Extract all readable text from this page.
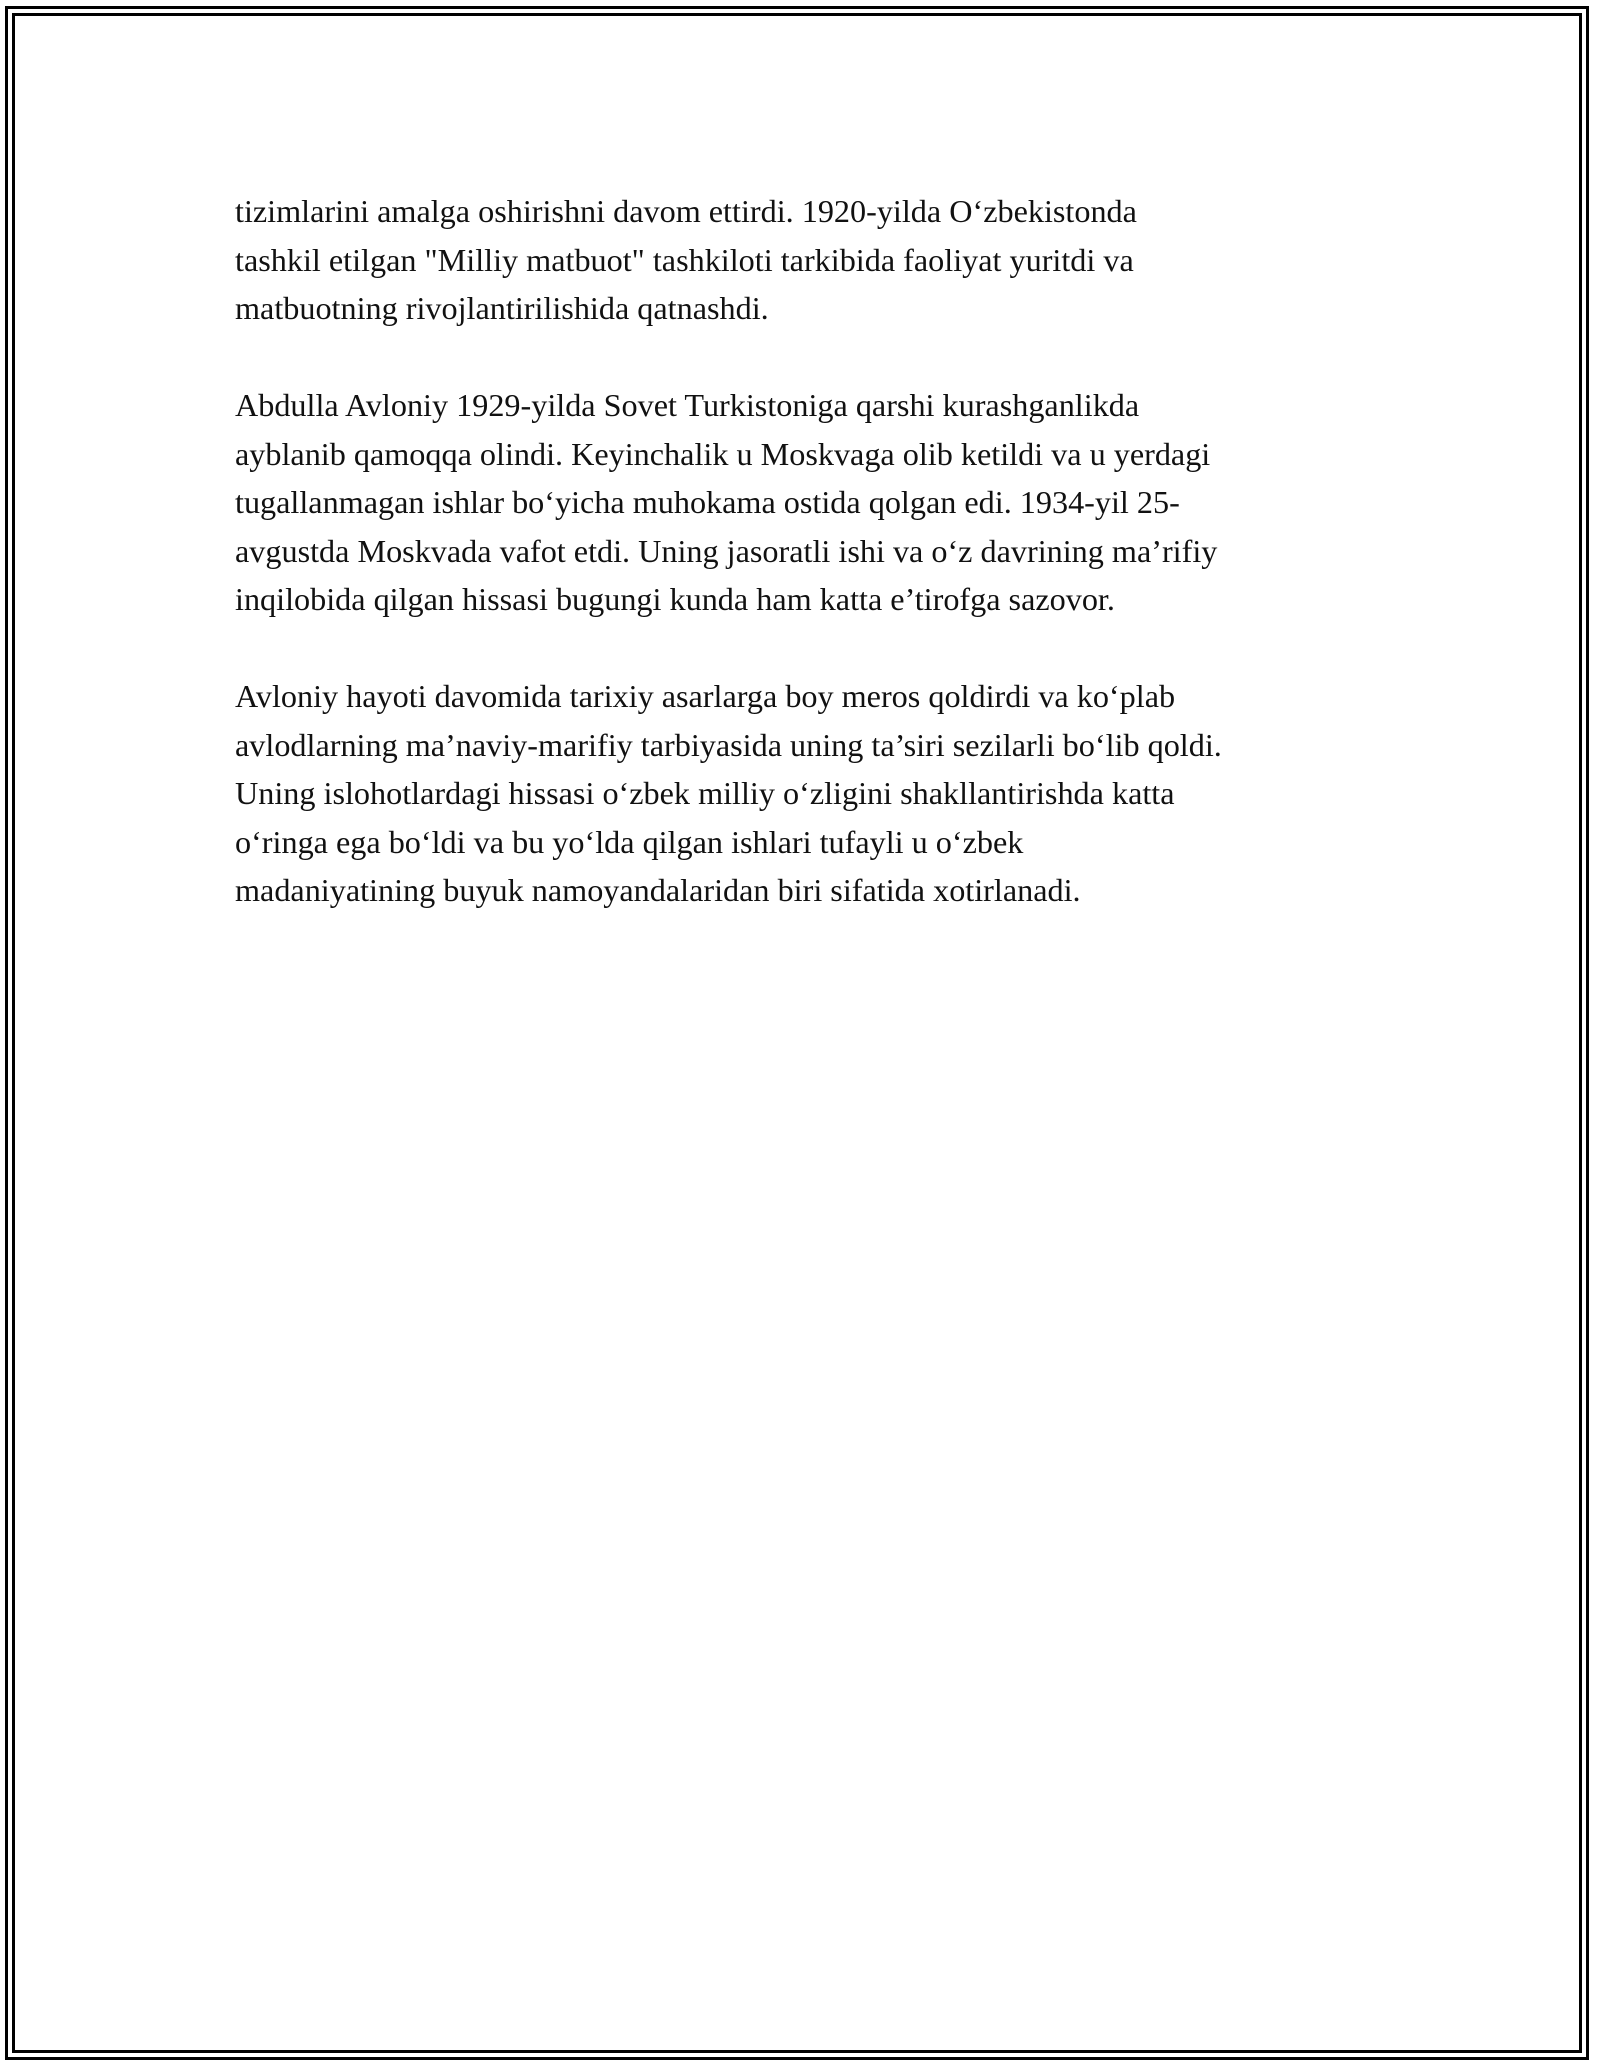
tizimlarini amalga oshirishni davom ettirdi. 1920-yilda O‘zbekistonda
tashkil etilgan "Milliy matbuot" tashkiloti tarkibida faoliyat yuritdi va
matbuotning rivojlantirilishida qatnashdi.

Abdulla Avloniy 1929-yilda Sovet Turkistoniga qarshi kurashganlikda
ayblanib qamoqqa olindi. Keyinchalik u Moskvaga olib ketildi va u yerdagi
tugallanmagan ishlar bo‘yicha muhokama ostida qolgan edi. 1934-yil 25-
avgustda Moskvada vafot etdi. Uning jasoratli ishi va o‘z davrining ma’rifiy
inqilobida qilgan hissasi bugungi kunda ham katta e’tirofga sazovor.

Avloniy hayoti davomida tarixiy asarlarga boy meros qoldirdi va ko‘plab
avlodlarning ma’naviy-marifiy tarbiyasida uning ta’siri sezilarli bo‘lib qoldi.
Uning islohotlardagi hissasi o‘zbek milliy o‘zligini shakllantirishda katta
o‘ringa ega bo‘ldi va bu yo‘lda qilgan ishlari tufayli u o‘zbek
madaniyatining buyuk namoyandalaridan biri sifatida xotirlanadi.
